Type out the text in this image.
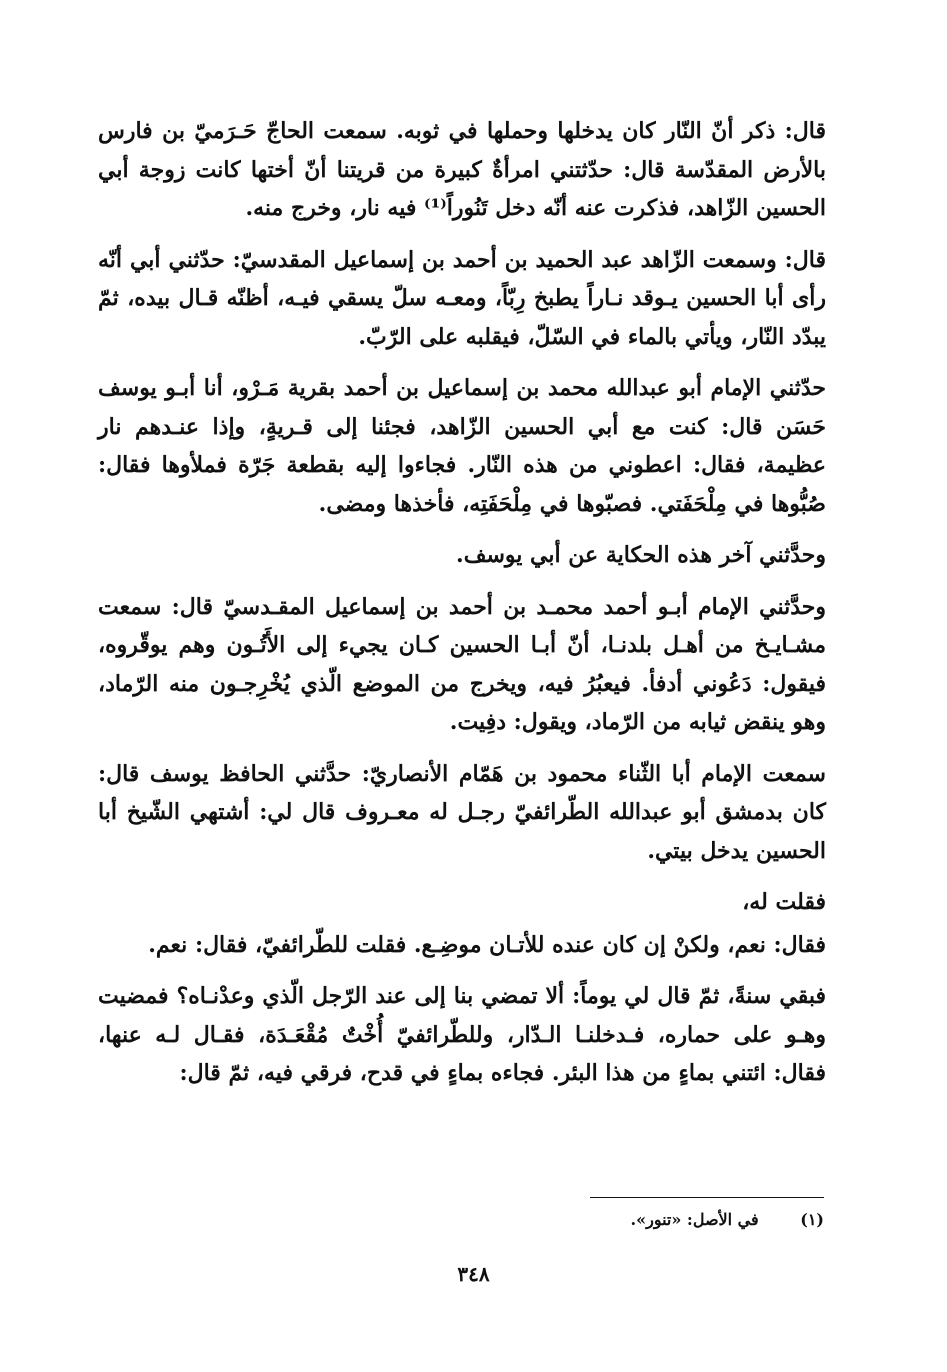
قال: ذكر أنّ النّار كان يدخلها وحملها في ثوبه. سمعت الحاجّ حَـرَميّ بن فارس بالأرض المقدّسة قال: حدّثتني امرأةٌ كبيرة من قريتنا أنّ أختها كانت زوجة أبي الحسين الزّاهد، فذكرت عنه أنّه دخل تَنُوراً⁽¹⁾ فيه نار، وخرج منه.

قال: وسمعت الزّاهد عبد الحميد بن أحمد بن إسماعيل المقدسيّ: حدّثني أبي أنّه رأى أبا الحسين يـوقد نـاراً يطبخ رِبّاً، ومعـه سلّ يسقي فيـه، أظنّه قـال بيده، ثمّ يبدّد النّار، ويأتي بالماء في السّلّ، فيقلبه على الرّبّ.

حدّثني الإمام أبو عبدالله محمد بن إسماعيل بن أحمد بقرية مَـرْو، أنا أبـو يوسف حَسَن قال: كنت مع أبي الحسين الزّاهد، فجئنا إلى قـريةٍ، وإذا عنـدهم نار عظيمة، فقال: اعطوني من هذه النّار. فجاءوا إليه بقطعة جَرّة فملأوها فقال: صُبُّوها في مِلْحَفَتي. فصبّوها في مِلْحَفَتِه، فأخذها ومضى.

وحدَّثني آخر هذه الحكاية عن أبي يوسف.

وحدَّثني الإمام أبـو أحمد محمـد بن أحمد بن إسماعيل المقـدسيّ قال: سمعت مشـايـخ من أهـل بلدنـا، أنّ أبـا الحسين كـان يجيء إلى الأَتُـون وهم يوقّروه، فيقول: دَعُوني أدفأ. فيعبُرُ فيه، ويخرج من الموضع الّذي يُخْرِجـون منه الرّماد، وهو ينقض ثيابه من الرّماد، ويقول: دفِيت.

سمعت الإمام أبا الثّناء محمود بن هَمّام الأنصاريّ: حدَّثني الحافظ يوسف قال: كان بدمشق أبو عبدالله الطّرائفيّ رجـل له معـروف قال لي: أشتهي الشّيخ أبا الحسين يدخل بيتي.

فقلت له،

فقال: نعم، ولكنْ إن كان عنده للأتـان موضِـع. فقلت للطّرائفيّ، فقال: نعم.

فبقي سنةً، ثمّ قال لي يوماً: ألا تمضي بنا إلى عند الرّجل الّذي وعدْنـاه؟ فمضيت وهـو على حماره، فـدخلنـا الـدّار، وللطّرائفيّ أُخْتٌ مُقْعَـدَة، فقـال لـه عنها، فقال: ائتني بماءٍ من هذا البئر. فجاءه بماءٍ في قدح، فرقي فيه، ثمّ قال:

(١) في الأصل: «تنور».
٣٤٨
